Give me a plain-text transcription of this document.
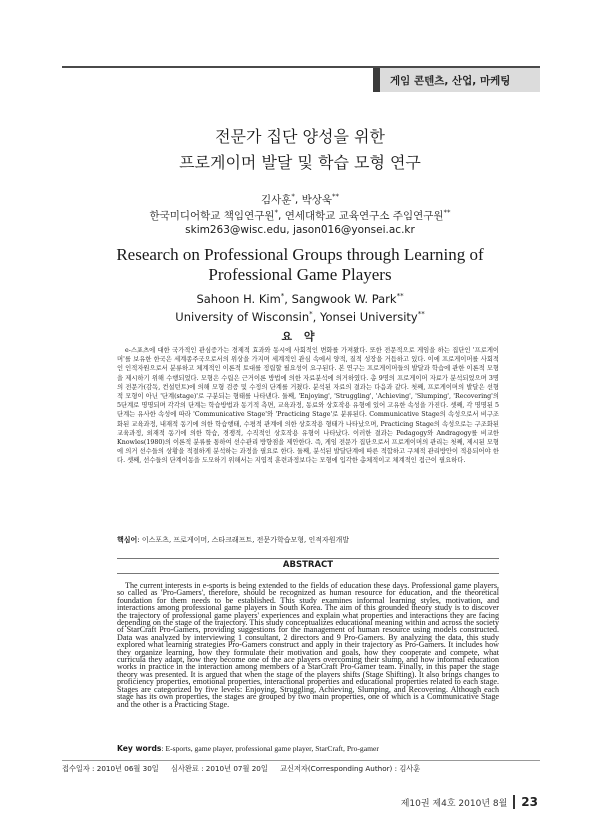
게임 콘텐츠, 산업, 마케팅
전문가 집단 양성을 위한
프로게이머 발달 및 학습 모형 연구
김사훈*, 박상욱**
한국미디어학교 책임연구원*, 연세대학교 교육연구소 주임연구원**
skim263@wisc.edu, jason016@yonsei.ac.kr
Research on Professional Groups through Learning of
Professional Game Players
Sahoon H. Kim*, Sangwook W. Park**
University of Wisconsin*, Yonsei University**
요 약

e-스포츠에 대한 국가적인 관심증가는 경제적 효과와 동시에 사회적인 변화를 가져왔다. 또한 전문적으로 게임을 하는 집단인 '프로게이머'를 보유한 한국은 세계종주국으로서의 위상을 가지며 세계적인 관심 속에서 양적, 질적 성장을 거듭하고 있다. 이에 프로게이머를 사회적인 인적자원으로서 분류하고 체계적인 이론적 토대를 정립할 필요성이 요구된다. 본 연구는 프로게이머들의 발달과 학습에 관한 이론적 모형을 제시하기 위해 수행되었다. 모형은 수립은 근거이론 방법에 의한 자료분석에 의거하였다. 총 9명의 프로게이머 자료가 분석되었으며 3명의 전문가(감독, 컨설턴트)에 의해 모형 검증 및 수정의 단계를 거쳤다. 분석된 자료의 결과는 다음과 같다. 첫째, 프로게이머의 발달은 선형적 모형이 아닌 '단계(stage)'로 구분되는 형태를 나타낸다. 둘째, 'Enjoying', 'Struggling', 'Achieving', 'Slumping', 'Recovering'의 5단계로 명명되며 각각의 단계는 학습방법과 동기적 측면, 교육과정, 동료와 상호작용 유형에 있어 고유한 속성을 가진다. 셋째, 각 명명된 5단계는 유사한 속성에 따라 'Communicative Stage'와 'Practicing Stage'로 분류된다. Communicative Stage의 속성으로서 비구조화된 교육과정, 내재적 동기에 의한 학습행태, 수평적 관계에 의한 상호작용 형태가 나타났으며, Practicing Stage의 속성으로는 구조화된 교육과정, 외재적 동기에 의한 학습, 경쟁적, 수직적인 상호작용 유형이 나타났다. 이러한 결과는 Pedagogy와 Andragogy를 비교한 Knowles(1980)의 이론적 분류를 통하여 선수관리 방향점을 제안한다. 즉, 게임 전문가 집단으로서 프로게이머의 관리는 첫째, 제시된 모형에 의거 선수들의 상황을 적절하게 분석하는 과정을 필요로 한다. 둘째, 분석된 발달단계에 따른 적합하고 구체적 관리방안이 적용되어야 한다. 셋째, 선수들의 단계이동을 도모하기 위해서는 지엽적 훈련과정보다는 모형에 입각한 총체적이고 체계적인 접근이 필요하다.

핵심어: 이스포츠, 프로게이머, 스타크래프트, 전문가학습모형, 인적자원개발
ABSTRACT

The current interests in e-sports is being extended to the fields of education these days. Professional game players, so called as 'Pro-Gamers', therefore, should be recognized as human resource for education, and the theoretical foundation for them needs to be established. This study examines informal learning styles, motivation, and interactions among professional game players in South Korea. The aim of this grounded theory study is to discover the trajectory of professional game players' experiences and explain what properties and interactions they are facing depending on the stage of the trajectory. This study conceptualizes educational meaning within and across the society of StarCraft Pro-Gamers, providing suggestions for the management of human resource using models constructed. Data was analyzed by interviewing 1 consultant, 2 directors and 9 Pro-Gamers. By analyzing the data, this study explored what learning strategies Pro-Gamers construct and apply in their trajectory as Pro-Gamers. It includes how they organize learning, how they formulate their motivation and goals, how they cooperate and compete, what curricula they adapt, how they become one of the ace players overcoming their slump, and how informal education works in practice in the interaction among members of a StarCraft Pro-Gamer team. Finally, in this paper the stage theory was presented. It is argued that when the stage of the players shifts (Stage Shifting). It also brings changes to proficiency properties, emotional properties, interactional properties and educational properties related to each stage. Stages are categorized by five levels: Enjoying, Struggling, Achieving, Slumping, and Recovering. Although each stage has its own properties, the stages are grouped by two main properties, one of which is a Communicative Stage and the other is a Practicing Stage.

Key words: E-sports, game player, professional game player, StarCraft, Pro-gamer
접수일자 : 2010년 06월 30일 심사완료 : 2010년 07월 20일 교신저자(Corresponding Author) : 김사훈
제10권 제4호 2010년 8월 23
